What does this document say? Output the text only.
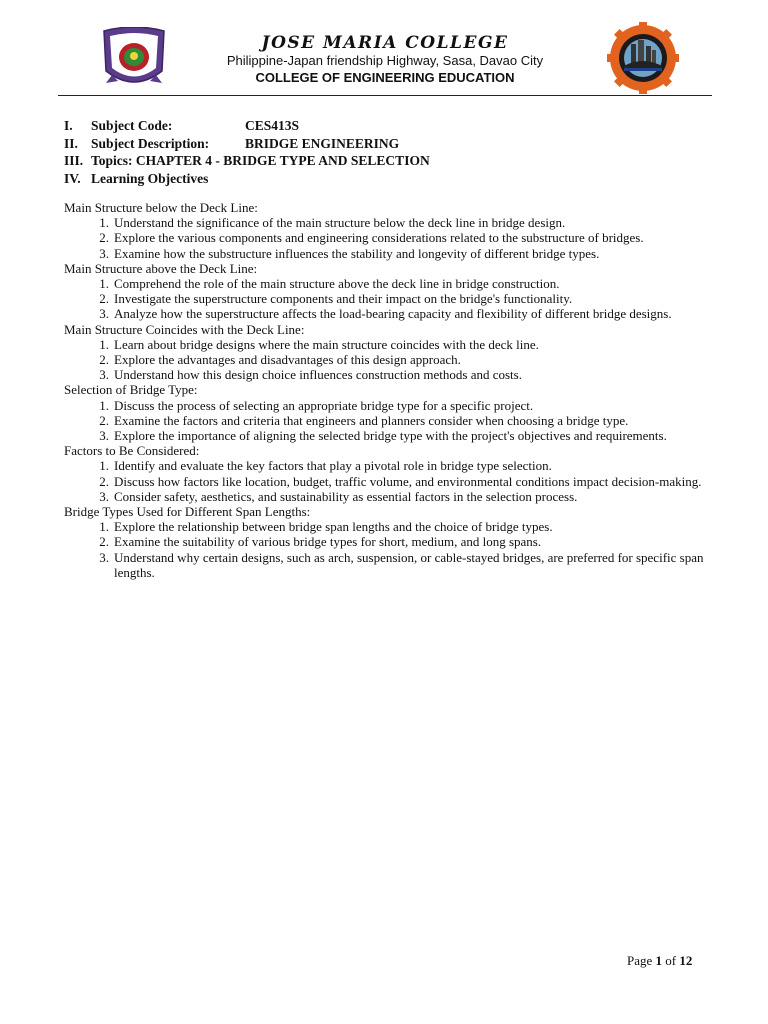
JOSE MARIA COLLEGE
Philippine-Japan friendship Highway, Sasa, Davao City
COLLEGE OF ENGINEERING EDUCATION
I. Subject Code:	CES413S
II. Subject Description:	BRIDGE ENGINEERING
III. Topics: CHAPTER 4 - BRIDGE TYPE AND SELECTION
IV. Learning Objectives

Main Structure below the Deck Line:

1. Understand the significance of the main structure below the deck line in bridge design.
2. Explore the various components and engineering considerations related to the substructure of bridges.
3. Examine how the substructure influences the stability and longevity of different bridge types.

Main Structure above the Deck Line:

1. Comprehend the role of the main structure above the deck line in bridge construction.
2. Investigate the superstructure components and their impact on the bridge's functionality.
3. Analyze how the superstructure affects the load-bearing capacity and flexibility of different bridge designs.

Main Structure Coincides with the Deck Line:

1. Learn about bridge designs where the main structure coincides with the deck line.
2. Explore the advantages and disadvantages of this design approach.
3. Understand how this design choice influences construction methods and costs.

Selection of Bridge Type:

1. Discuss the process of selecting an appropriate bridge type for a specific project.
2. Examine the factors and criteria that engineers and planners consider when choosing a bridge type.
3. Explore the importance of aligning the selected bridge type with the project's objectives and requirements.

Factors to Be Considered:

1. Identify and evaluate the key factors that play a pivotal role in bridge type selection.
2. Discuss how factors like location, budget, traffic volume, and environmental conditions impact decision-making.
3. Consider safety, aesthetics, and sustainability as essential factors in the selection process.

Bridge Types Used for Different Span Lengths:

1. Explore the relationship between bridge span lengths and the choice of bridge types.
2. Examine the suitability of various bridge types for short, medium, and long spans.
3. Understand why certain designs, such as arch, suspension, or cable-stayed bridges, are preferred for specific span lengths.
Page 1 of 12
